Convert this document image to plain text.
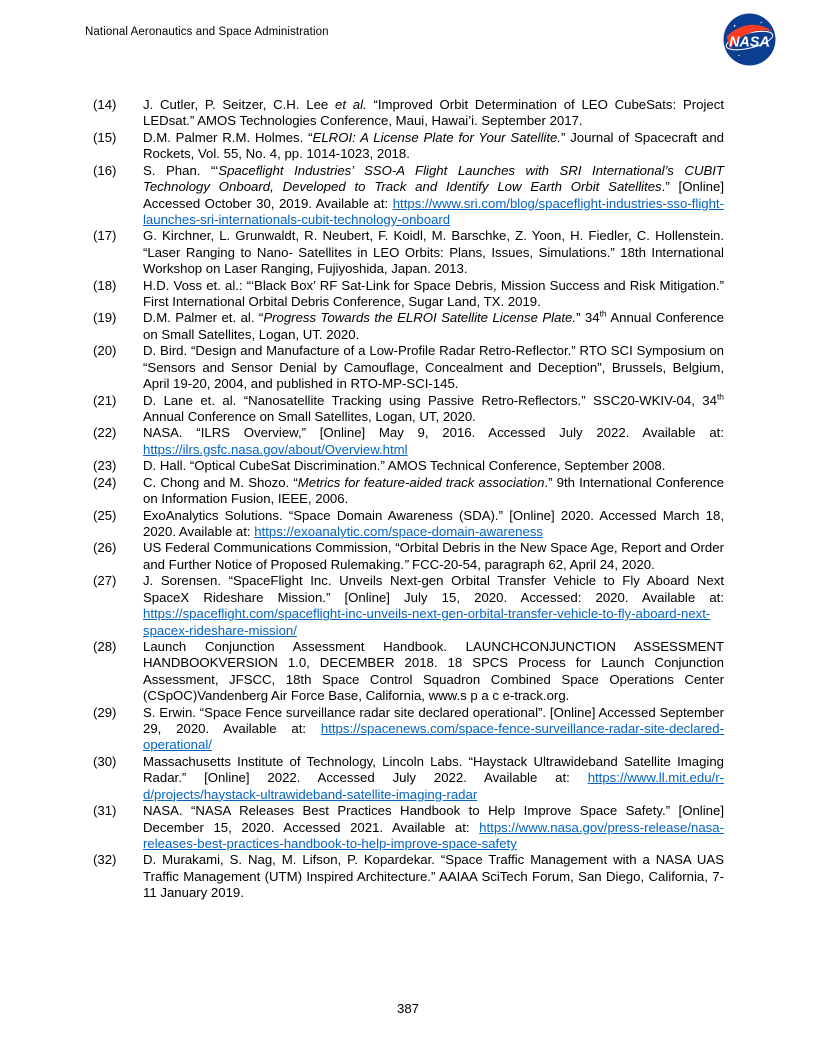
National Aeronautics and Space Administration
NASA
(14)	J. Cutler, P. Seitzer, C.H. Lee et al. “Improved Orbit Determination of LEO CubeSats: Project LEDsat.” AMOS Technologies Conference, Maui, Hawai’i. September 2017.
(15)	D.M. Palmer R.M. Holmes. “ELROI: A License Plate for Your Satellite.” Journal of Spacecraft and Rockets, Vol. 55, No. 4, pp. 1014-1023, 2018.
(16)	S. Phan. “‘Spaceflight Industries’ SSO-A Flight Launches with SRI International’s CUBIT Technology Onboard, Developed to Track and Identify Low Earth Orbit Satellites.” [Online] Accessed October 30, 2019. Available at: https://www.sri.com/blog/spaceflight-industries-sso-flight-launches-sri-internationals-cubit-technology-onboard
(17)	G. Kirchner, L. Grunwaldt, R. Neubert, F. Koidl, M. Barschke, Z. Yoon, H. Fiedler, C. Hollenstein. “Laser Ranging to Nano- Satellites in LEO Orbits: Plans, Issues, Simulations.” 18th International Workshop on Laser Ranging, Fujiyoshida, Japan. 2013.
(18)	H.D. Voss et. al.: “‘Black Box’ RF Sat-Link for Space Debris, Mission Success and Risk Mitigation.” First International Orbital Debris Conference, Sugar Land, TX. 2019.
(19)	D.M. Palmer et. al. “Progress Towards the ELROI Satellite License Plate.” 34th Annual Conference on Small Satellites, Logan, UT. 2020.
(20)	D. Bird. “Design and Manufacture of a Low-Profile Radar Retro-Reflector.” RTO SCI Symposium on “Sensors and Sensor Denial by Camouflage, Concealment and Deception”, Brussels, Belgium, April 19-20, 2004, and published in RTO-MP-SCI-145.
(21)	D. Lane et. al. “Nanosatellite Tracking using Passive Retro-Reflectors.” SSC20-WKIV-04, 34th Annual Conference on Small Satellites, Logan, UT, 2020.
(22)	NASA. “ILRS Overview,” [Online] May 9, 2016. Accessed July 2022. Available at: https://ilrs.gsfc.nasa.gov/about/Overview.html
(23)	D. Hall. “Optical CubeSat Discrimination.” AMOS Technical Conference, September 2008.
(24)	C. Chong and M. Shozo. “Metrics for feature-aided track association.” 9th International Conference on Information Fusion, IEEE, 2006.
(25)	ExoAnalytics Solutions. “Space Domain Awareness (SDA).” [Online] 2020. Accessed March 18, 2020. Available at: https://exoanalytic.com/space-domain-awareness
(26)	US Federal Communications Commission, “Orbital Debris in the New Space Age, Report and Order and Further Notice of Proposed Rulemaking.” FCC-20-54, paragraph 62, April 24, 2020.
(27)	J. Sorensen. “SpaceFlight Inc. Unveils Next-gen Orbital Transfer Vehicle to Fly Aboard Next SpaceX Rideshare Mission.” [Online] July 15, 2020. Accessed: 2020. Available at: https://spaceflight.com/spaceflight-inc-unveils-next-gen-orbital-transfer-vehicle-to-fly-aboard-next-spacex-rideshare-mission/
(28)	Launch Conjunction Assessment Handbook. LAUNCHCONJUNCTION ASSESSMENT HANDBOOKVERSION 1.0, DECEMBER 2018. 18 SPCS Process for Launch Conjunction Assessment, JFSCC, 18th Space Control Squadron Combined Space Operations Center (CSpOC)Vandenberg Air Force Base, California, www.s p a c e-track.org.
(29)	S. Erwin. “Space Fence surveillance radar site declared operational”. [Online] Accessed September 29, 2020. Available at: https://spacenews.com/space-fence-surveillance-radar-site-declared-operational/
(30)	Massachusetts Institute of Technology, Lincoln Labs. “Haystack Ultrawideband Satellite Imaging Radar.” [Online] 2022. Accessed July 2022. Available at: https://www.ll.mit.edu/r-d/projects/haystack-ultrawideband-satellite-imaging-radar
(31)	NASA. “NASA Releases Best Practices Handbook to Help Improve Space Safety.” [Online] December 15, 2020. Accessed 2021. Available at: https://www.nasa.gov/press-release/nasa-releases-best-practices-handbook-to-help-improve-space-safety
(32)	D. Murakami, S. Nag, M. Lifson, P. Kopardekar. “Space Traffic Management with a NASA UAS Traffic Management (UTM) Inspired Architecture.” AAIAA SciTech Forum, San Diego, California, 7-11 January 2019.
387
